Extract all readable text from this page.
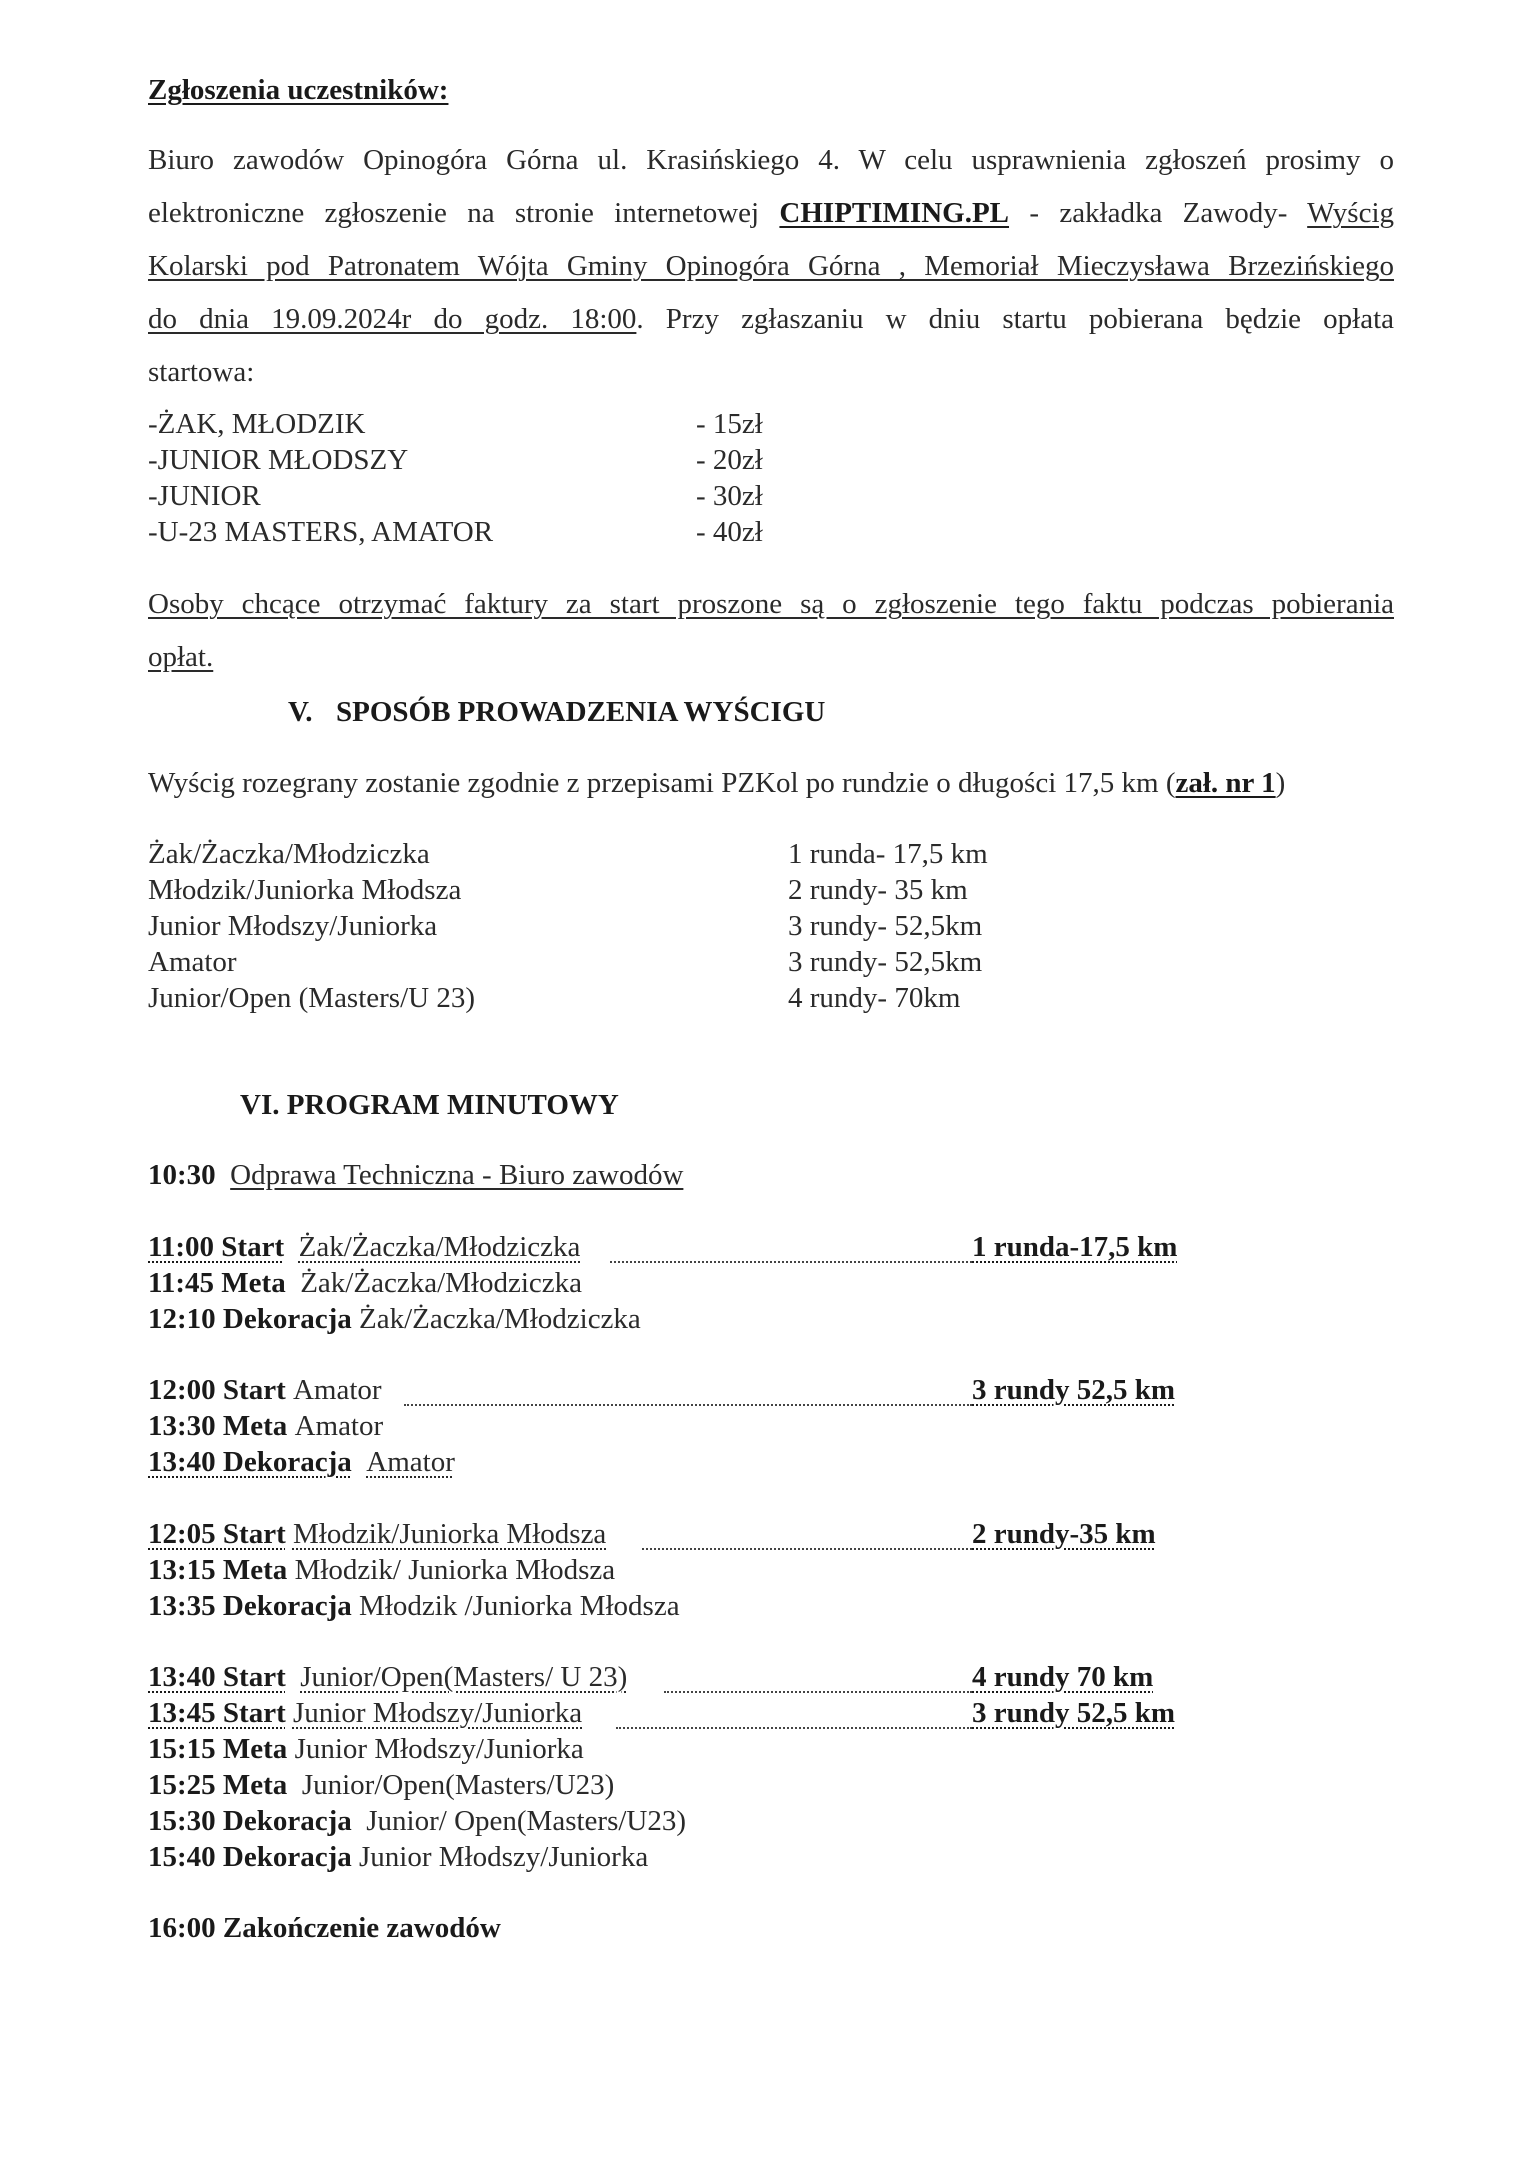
Zgłoszenia uczestników:
Biuro zawodów Opinogóra Górna ul. Krasińskiego 4. W celu usprawnienia zgłoszeń prosimy o
elektroniczne zgłoszenie na stronie internetowej CHIPTIMING.PL - zakładka Zawody- Wyścig
Kolarski pod Patronatem Wójta Gminy Opinogóra Górna , Memoriał Mieczysława Brzezińskiego
do dnia 19.09.2024r do godz. 18:00. Przy zgłaszaniu w dniu startu pobierana będzie opłata
startowa:
-ŻAK, MŁODZIK	- 15zł
-JUNIOR MŁODSZY	- 20zł
-JUNIOR	- 30zł
-U-23 MASTERS, AMATOR	- 40zł
Osoby chcące otrzymać faktury za start proszone są o zgłoszenie tego faktu podczas pobierania
opłat.
V. SPOSÓB PROWADZENIA WYŚCIGU
Wyścig rozegrany zostanie zgodnie z przepisami PZKol po rundzie o długości 17,5 km (zał. nr 1)
Żak/Żaczka/Młodziczka	1 runda- 17,5 km
Młodzik/Juniorka Młodsza	2 rundy- 35 km
Junior Młodszy/Juniorka	3 rundy- 52,5km
Amator	3 rundy- 52,5km
Junior/Open (Masters/U 23)	4 rundy- 70km
VI. PROGRAM MINUTOWY
10:30 Odprawa Techniczna - Biuro zawodów
11:00 Start Żak/Żaczka/Młodziczka	1 runda-17,5 km
11:45 Meta Żak/Żaczka/Młodziczka
12:10 Dekoracja Żak/Żaczka/Młodziczka
12:00 Start Amator	3 rundy 52,5 km
13:30 Meta Amator
13:40 Dekoracja Amator
12:05 Start Młodzik/Juniorka Młodsza	2 rundy-35 km
13:15 Meta Młodzik/ Juniorka Młodsza
13:35 Dekoracja Młodzik /Juniorka Młodsza
13:40 Start Junior/Open(Masters/ U 23)	4 rundy 70 km
13:45 Start Junior Młodszy/Juniorka	3 rundy 52,5 km
15:15 Meta Junior Młodszy/Juniorka
15:25 Meta Junior/Open(Masters/U23)
15:30 Dekoracja Junior/ Open(Masters/U23)
15:40 Dekoracja Junior Młodszy/Juniorka
16:00 Zakończenie zawodów
